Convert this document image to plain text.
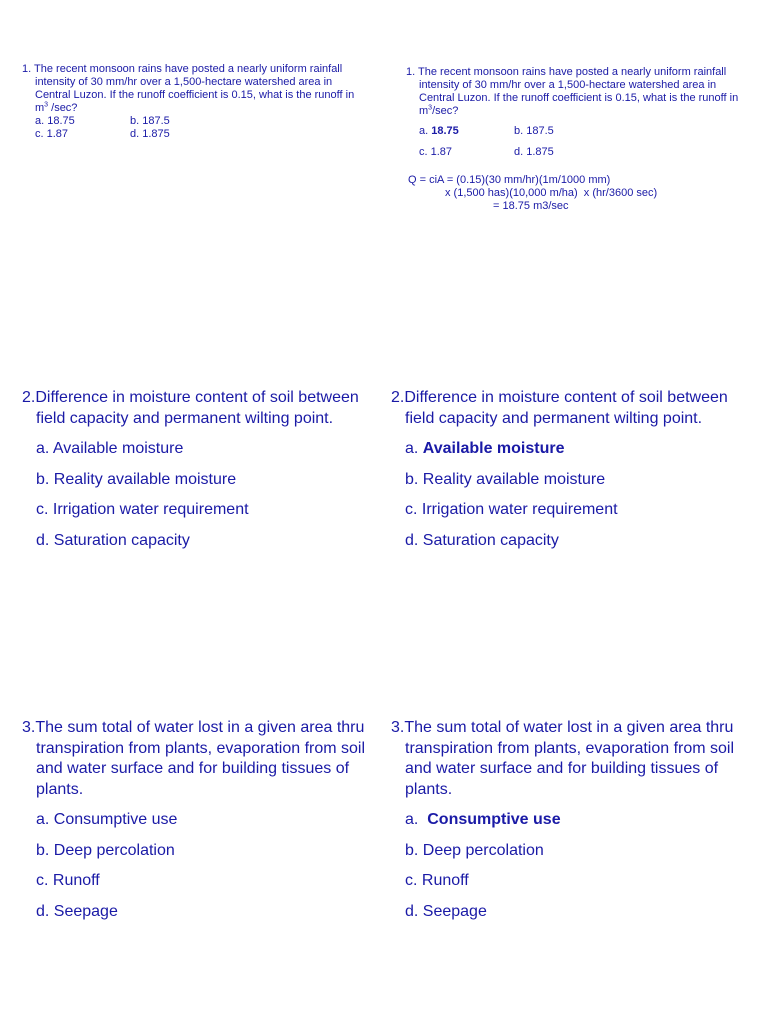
1. The recent monsoon rains have posted a nearly uniform rainfall intensity of 30 mm/hr over a 1,500-hectare watershed area in Central Luzon. If the runoff coefficient is 0.15, what is the runoff in $m^3$ /sec?

a. 18.75	b. 187.5
c. 1.87	d. 1.875

1. The recent monsoon rains have posted a nearly uniform rainfall intensity of 30 mm/hr over a 1,500-hectare watershed area in Central Luzon. If the runoff coefficient is 0.15, what is the runoff in $m^3/\sec$?

a. 18.75	b. 187.5
c. 1.87	d. 1.875
Q = ciA = (0.15)(30 mm/hr)(1m/1000 mm)
x (1,500 has)(10,000 m/ha)  x (hr/3600 sec)
= 18.75 m3/sec

2.Difference in moisture content of soil between field capacity and permanent wilting point.

a. Available moisture
b. Reality available moisture
c. Irrigation water requirement
d. Saturation capacity

2.Difference in moisture content of soil between field capacity and permanent wilting point.

a. Available moisture
b. Reality available moisture
c. Irrigation water requirement
d. Saturation capacity

3.The sum total of water lost in a given area thru transpiration from plants, evaporation from soil and water surface and for building tissues of plants.

a. Consumptive use
b. Deep percolation
c. Runoff
d. Seepage

3.The sum total of water lost in a given area thru transpiration from plants, evaporation from soil and water surface and for building tissues of plants.

a.  Consumptive use
b. Deep percolation
c. Runoff
d. Seepage
